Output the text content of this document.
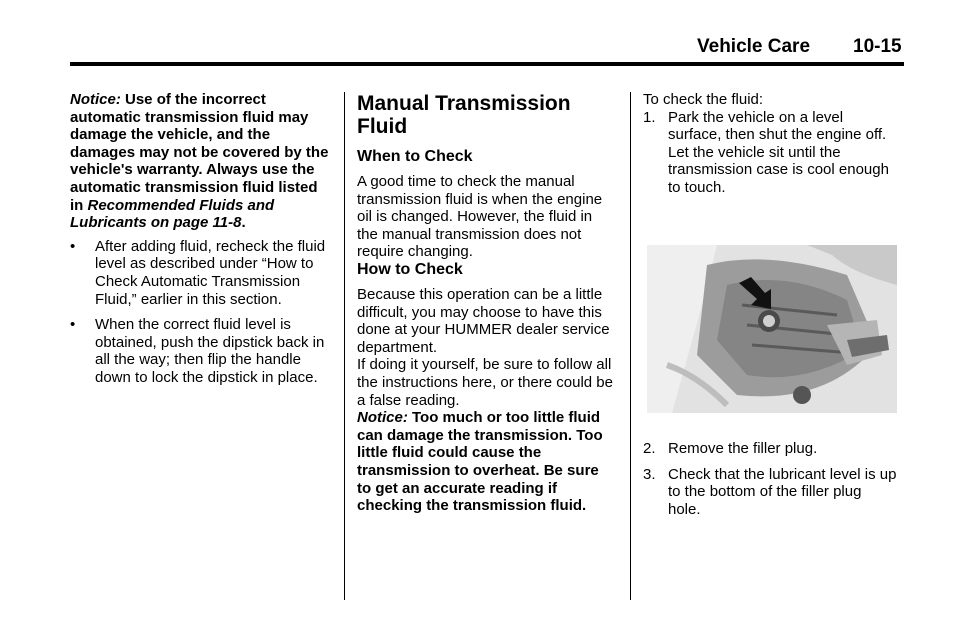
Vehicle Care 10-15

Notice: Use of the incorrect automatic transmission fluid may damage the vehicle, and the damages may not be covered by the vehicle's warranty. Always use the automatic transmission fluid listed in Recommended Fluids and Lubricants on page 11-8.

• After adding fluid, recheck the fluid level as described under “How to Check Automatic Transmission Fluid,” earlier in this section.
• When the correct fluid level is obtained, push the dipstick back in all the way; then flip the handle down to lock the dipstick in place.
Manual Transmission Fluid
When to Check

A good time to check the manual transmission fluid is when the engine oil is changed. However, the fluid in the manual transmission does not require changing.

How to Check

Because this operation can be a little difficult, you may choose to have this done at your HUMMER dealer service department.

If doing it yourself, be sure to follow all the instructions here, or there could be a false reading.

Notice: Too much or too little fluid can damage the transmission. Too little fluid could cause the transmission to overheat. Be sure to get an accurate reading if checking the transmission fluid.

To check the fluid:

1. Park the vehicle on a level surface, then shut the engine off. Let the vehicle sit until the transmission case is cool enough to touch.
2. Remove the filler plug.
3. Check that the lubricant level is up to the bottom of the filler plug hole.
